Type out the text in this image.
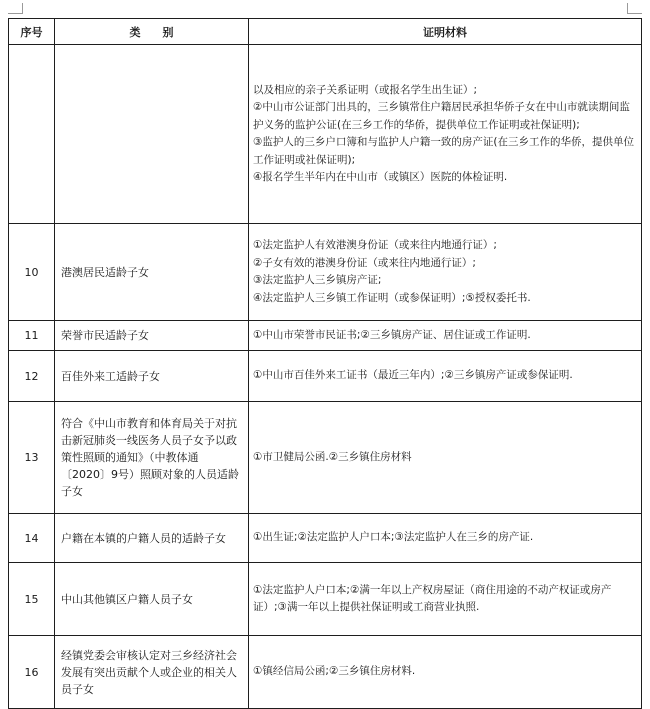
序号	类　　别	证明材料

		以及相应的亲子关系证明（或报名学生出生证）;
②中山市公证部门出具的，三乡镇常住户籍居民承担华侨子女在中山市就读期间监护义务的监护公证(在三乡工作的华侨，提供单位工作证明或社保证明);
③监护人的三乡户口簿和与监护人户籍一致的房产证(在三乡工作的华侨，提供单位工作证明或社保证明);
④报名学生半年内在中山市（或镇区）医院的体检证明.

10	港澳居民适龄子女	①法定监护人有效港澳身份证（或来往内地通行证）;
②子女有效的港澳身份证（或来往内地通行证）;
③法定监护人三乡镇房产证;
④法定监护人三乡镇工作证明（或参保证明）;⑤授权委托书.

11	荣誉市民适龄子女	①中山市荣誉市民证书;②三乡镇房产证、居住证或工作证明.

12	百佳外来工适龄子女	①中山市百佳外来工证书（最近三年内）;②三乡镇房产证或参保证明.

13	符合《中山市教育和体育局关于对抗击新冠肺炎一线医务人员子女予以政策性照顾的通知》（中教体通〔2020〕9号）照顾对象的人员适龄子女	①市卫健局公函.②三乡镇住房材料

14	户籍在本镇的户籍人员的适龄子女	①出生证;②法定监护人户口本;③法定监护人在三乡的房产证.

15	中山其他镇区户籍人员子女	①法定监护人户口本;②满一年以上产权房屋证（商住用途的不动产权证或房产证）;③满一年以上提供社保证明或工商营业执照.

16	经镇党委会审核认定对三乡经济社会发展有突出贡献个人或企业的相关人员子女	①镇经信局公函;②三乡镇住房材料.
